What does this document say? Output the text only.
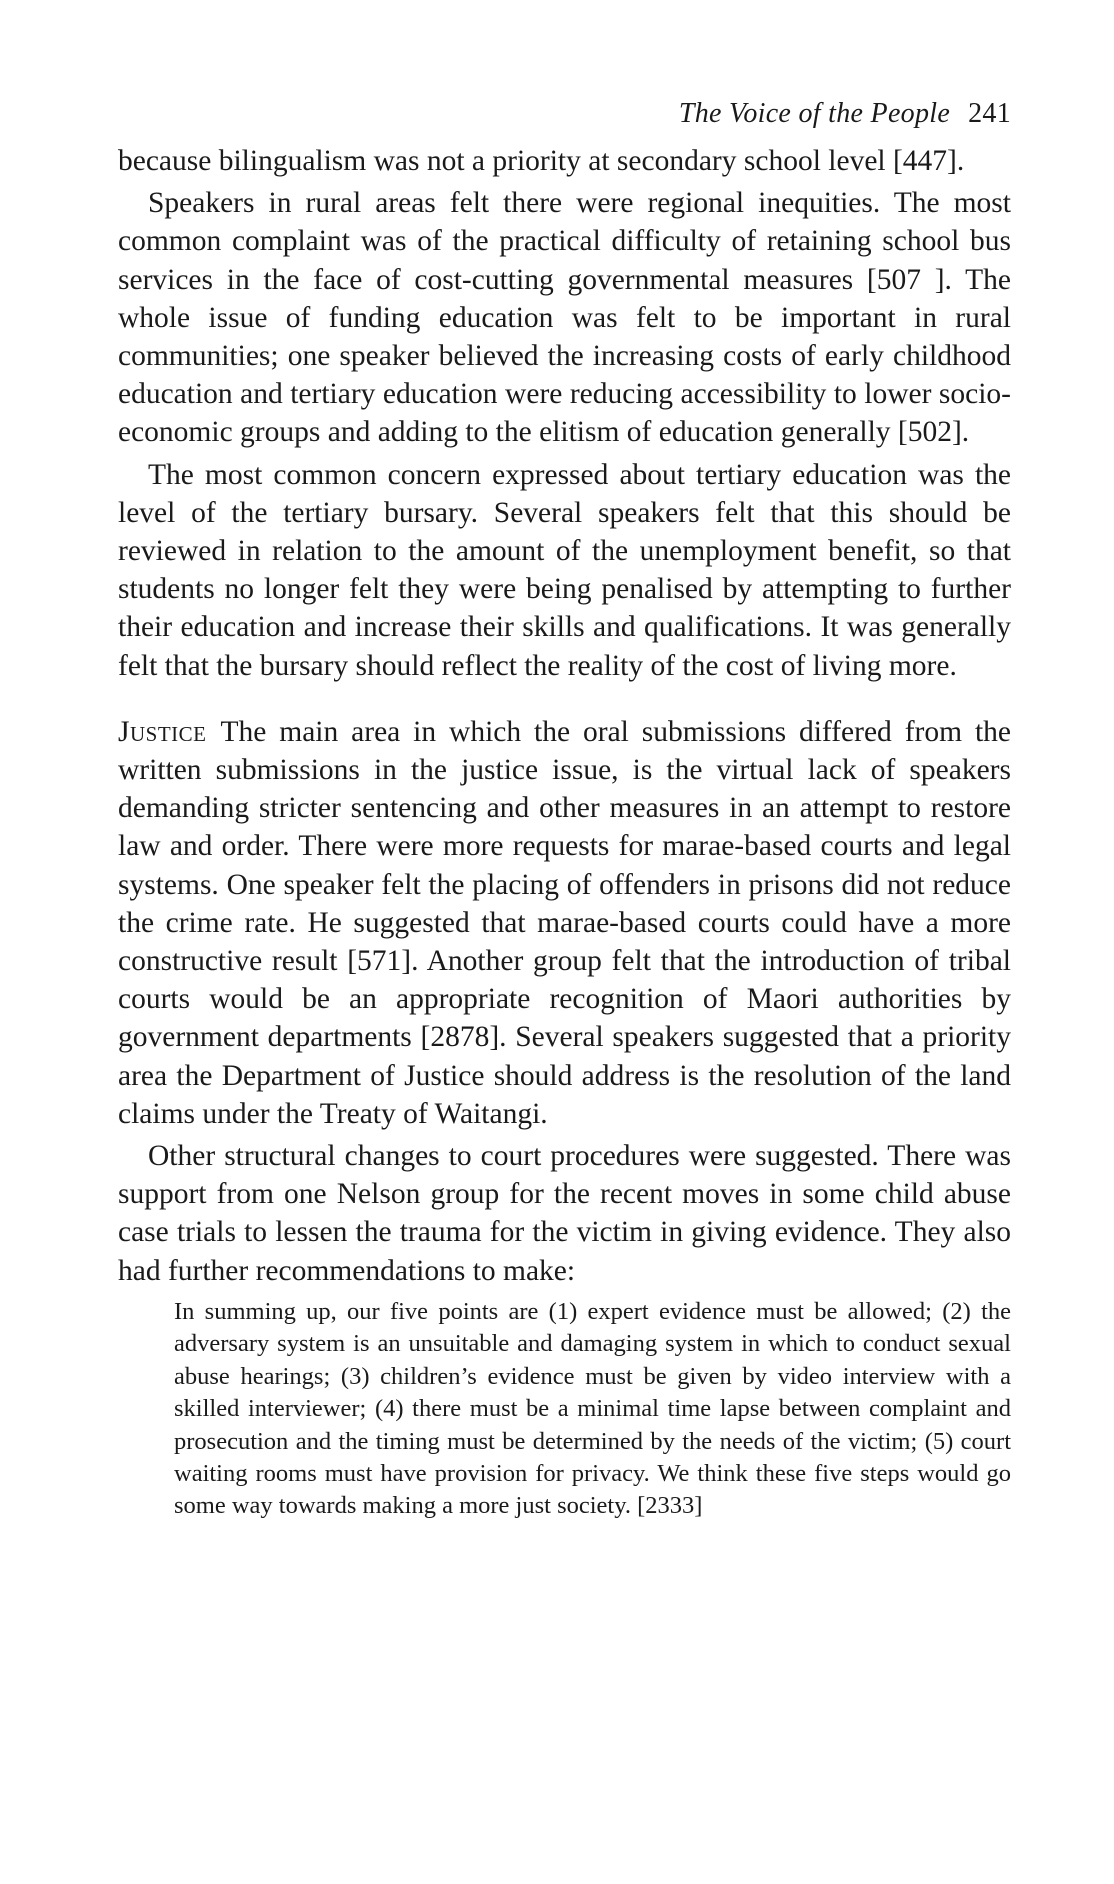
The Voice of the People 241

because bilingualism was not a priority at secondary school level [447].

Speakers in rural areas felt there were regional inequities. The most common complaint was of the practical difficulty of retaining school bus services in the face of cost-cutting governmental measures [507 ]. The whole issue of funding education was felt to be important in rural communities; one speaker believed the increasing costs of early childhood education and tertiary education were reducing accessibility to lower socio-economic groups and adding to the elitism of education generally [502].

The most common concern expressed about tertiary education was the level of the tertiary bursary. Several speakers felt that this should be reviewed in relation to the amount of the unemployment benefit, so that students no longer felt they were being penalised by attempting to further their education and increase their skills and qualifications. It was generally felt that the bursary should reflect the reality of the cost of living more.

Justice The main area in which the oral submissions differed from the written submissions in the justice issue, is the virtual lack of speakers demanding stricter sentencing and other measures in an attempt to restore law and order. There were more requests for marae-based courts and legal systems. One speaker felt the placing of offenders in prisons did not reduce the crime rate. He suggested that marae-based courts could have a more constructive result [571]. Another group felt that the introduction of tribal courts would be an appropriate recognition of Maori authorities by government departments [2878]. Several speakers suggested that a priority area the Department of Justice should address is the resolution of the land claims under the Treaty of Waitangi.

Other structural changes to court procedures were suggested. There was support from one Nelson group for the recent moves in some child abuse case trials to lessen the trauma for the victim in giving evidence. They also had further recommendations to make:

In summing up, our five points are (1) expert evidence must be allowed; (2) the adversary system is an unsuitable and damaging system in which to conduct sexual abuse hearings; (3) children’s evidence must be given by video interview with a skilled interviewer; (4) there must be a minimal time lapse between complaint and prosecution and the timing must be determined by the needs of the victim; (5) court waiting rooms must have provision for privacy. We think these five steps would go some way towards making a more just society. [2333]
